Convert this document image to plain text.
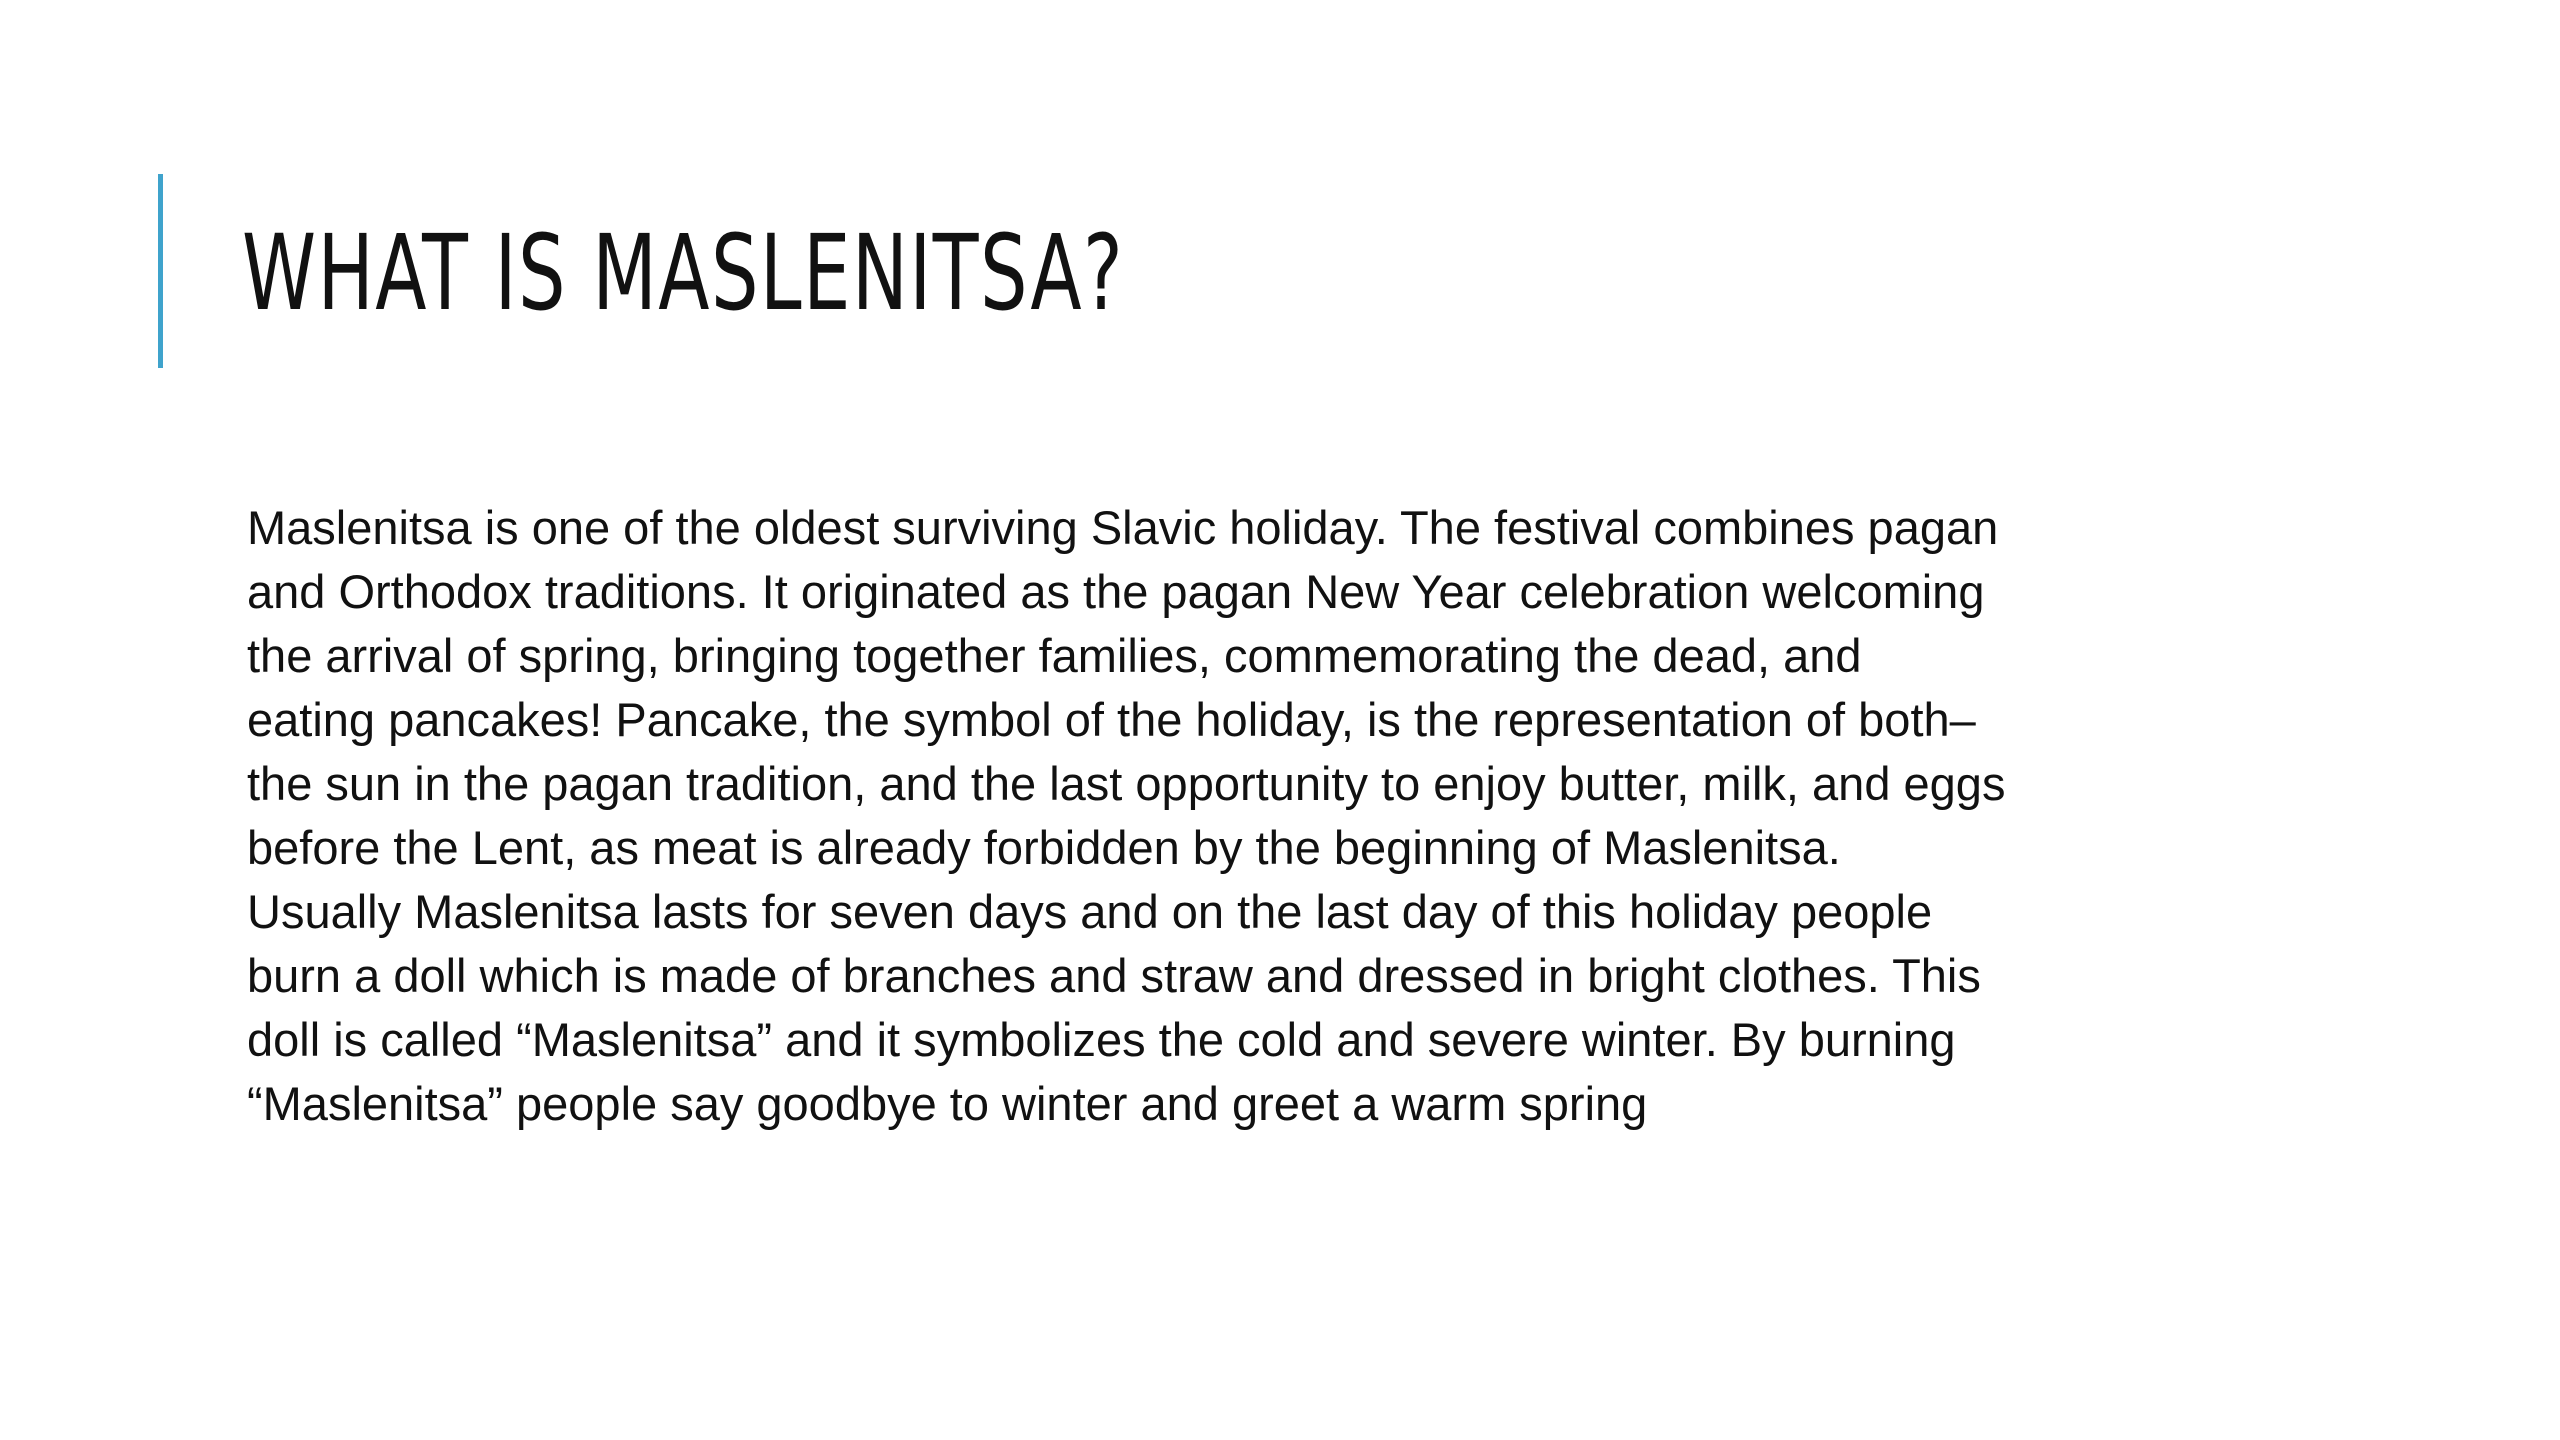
WHAT IS MASLENITSA?
Maslenitsa is one of the oldest surviving Slavic holiday. The festival combines pagan
and Orthodox traditions. It originated as the pagan New Year celebration welcoming
the arrival of spring, bringing together families, commemorating the dead, and
eating pancakes! Pancake, the symbol of the holiday, is the representation of both–
the sun in the pagan tradition, and the last opportunity to enjoy butter, milk, and eggs
before the Lent, as meat is already forbidden by the beginning of Maslenitsa.
Usually Maslenitsa lasts for seven days and on the last day of this holiday people
burn a doll which is made of branches and straw and dressed in bright clothes. This
doll is called “Maslenitsa” and it symbolizes the cold and severe winter. By burning
“Maslenitsa” people say goodbye to winter and greet a warm spring
